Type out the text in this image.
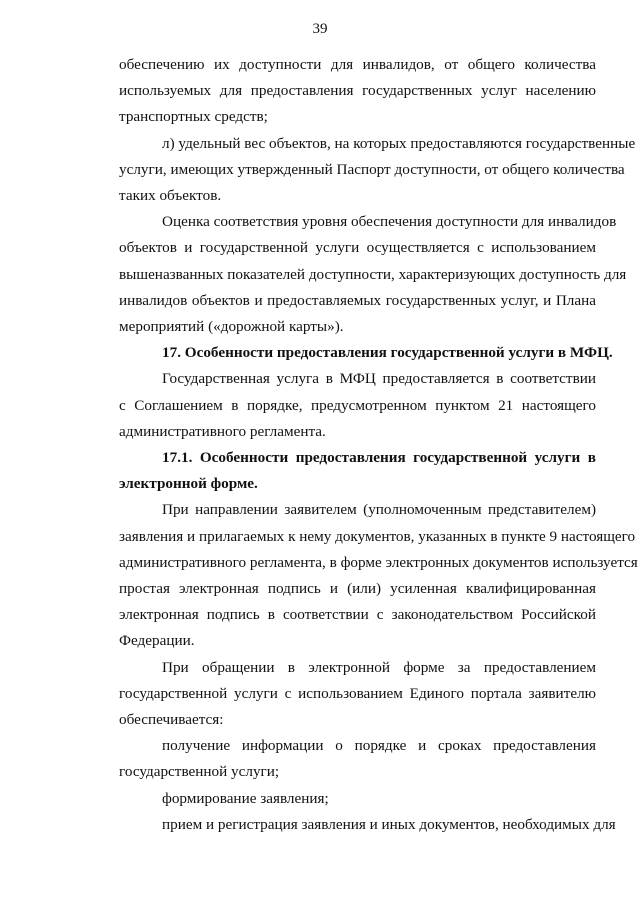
39
обеспечению их доступности для инвалидов, от общего количества
используемых для предоставления государственных услуг населению
транспортных средств;
л) удельный вес объектов, на которых предоставляются государственные
услуги, имеющих утвержденный Паспорт доступности, от общего количества
таких объектов.
Оценка соответствия уровня обеспечения доступности для инвалидов
объектов и государственной услуги осуществляется с использованием
вышеназванных показателей доступности, характеризующих доступность для
инвалидов объектов и предоставляемых государственных услуг, и Плана
мероприятий («дорожной карты»).
17. Особенности предоставления государственной услуги в МФЦ.
Государственная услуга в МФЦ предоставляется в соответствии
с Соглашением в порядке, предусмотренном пунктом 21 настоящего
административного регламента.
17.1. Особенности предоставления государственной услуги в
электронной форме.
При направлении заявителем (уполномоченным представителем)
заявления и прилагаемых к нему документов, указанных в пункте 9 настоящего
административного регламента, в форме электронных документов используется
простая электронная подпись и (или) усиленная квалифицированная
электронная подпись в соответствии с законодательством Российской
Федерации.
При обращении в электронной форме за предоставлением
государственной услуги с использованием Единого портала заявителю
обеспечивается:
получение информации о порядке и сроках предоставления
государственной услуги;
формирование заявления;
прием и регистрация заявления и иных документов, необходимых для
